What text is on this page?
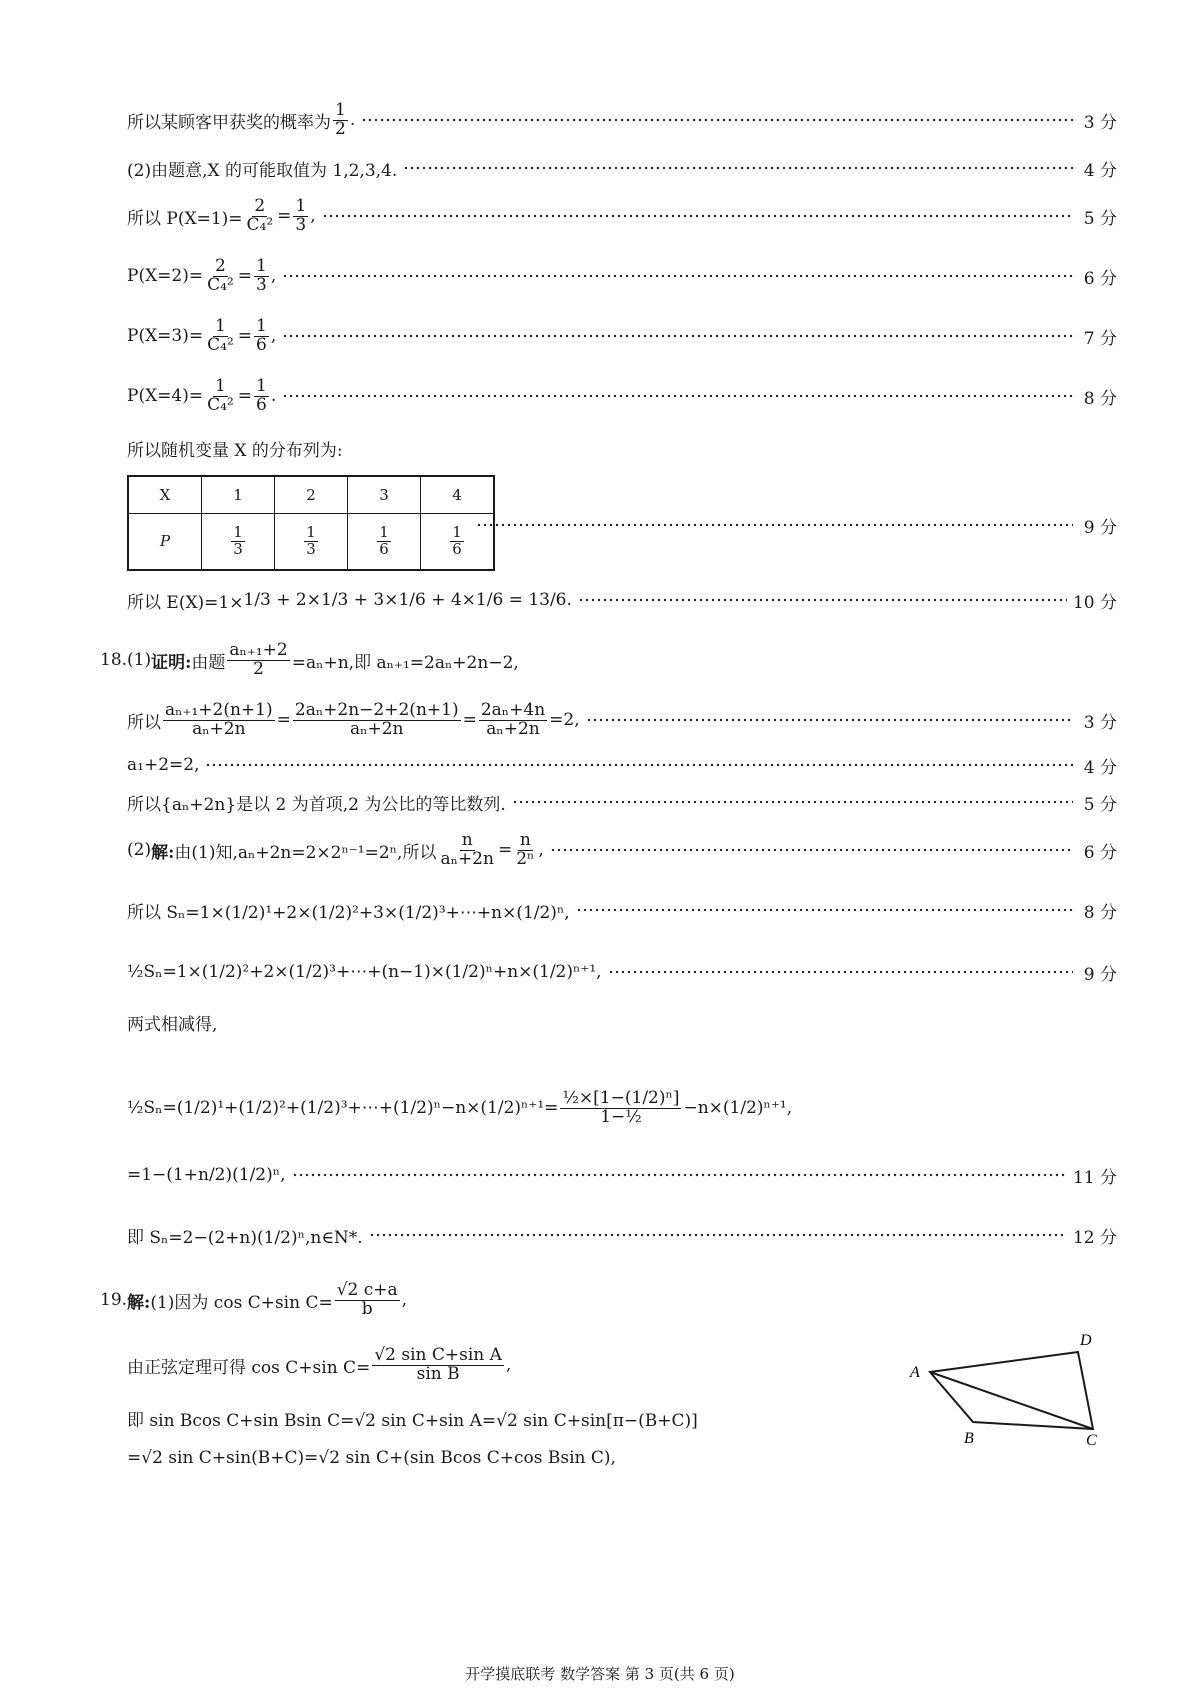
所以某顾客甲获奖的概率为 $\frac{1}{2}$ .	3 分
(2)由题意,X 的可能取值为 1,2,3,4.	4 分
所以 $P(X=1)= \frac{2}{\text{C₄²}} = \frac{1}{3}$ ,	5 分
$P(X=2)= \frac{2}{\text{C₄²}} = \frac{1}{3}$ ,	6 分
$P(X=3)= \frac{1}{\text{C₄²}} = \frac{1}{6}$ ,	7 分
$P(X=4)= \frac{1}{\text{C₄²}} = \frac{1}{6}$ .	8 分
所以随机变量 X 的分布列为:
X	1	2	3	4
P	$\frac{1}{3}$	$\frac{1}{3}$	$\frac{1}{6}$	$\frac{1}{6}$	9 分
所以 E(X)=1× 1/3 + 2×1/3 + 3×1/6 + 4×1/6 = 13/6.	10 分
18.(1) 证明: 由题 $\frac{\text{aₙ₊₁+2}}{2} =a_n+n$,即 aₙ₊₁=2aₙ+2n−2,
所以 $\frac{\text{aₙ₊₁+2(n+1)}}{\text{aₙ+2n}} = \frac{\text{2aₙ+2n−2+2(n+1)}}{\text{aₙ+2n}} = \frac{\text{2aₙ+4n}}{\text{aₙ+2n}} =2$,	3 分
a₁+2=2,	4 分
所以{aₙ+2n}是以 2 为首项,2 为公比的等比数列.	5 分
(2) 解: 由(1)知,aₙ+2n=2×2ⁿ⁻¹=2ⁿ,所以 $\frac{n}{\text{aₙ+2n}} = \frac{n}{\text{2ⁿ}}$ ,	6 分
所以 Sₙ=1×(1/2)¹+2×(1/2)²+3×(1/2)³+⋯+n×(1/2)ⁿ,	8 分
½Sₙ=1×(1/2)²+2×(1/2)³+⋯+(n−1)×(1/2)ⁿ+n×(1/2)ⁿ⁺¹,	9 分
两式相减得,
½Sₙ=(1/2)¹+(1/2)²+(1/2)³+⋯+(1/2)ⁿ−n×(1/2)ⁿ⁺¹= $\frac{\text{½×[1−(1/2)ⁿ]}}{\text{1−½}} -n\times(1/2)^{n+1}$,
=1−(1+n/2)(1/2)ⁿ,	11 分
即 Sₙ=2−(2+n)(1/2)ⁿ,n∈N*.	12 分
19. 解: (1)因为 cos C+sin $C= \frac{√2 c+a}{b}$ ,
由正弦定理可得 cos C+sin $C= \frac{\text{√2 sin C+sin A}}{\text{sin B}}$ ,
即 sin Bcos C+sin Bsin C=√2 sin C+sin A=√2 sin C+sin[π−(B+C)]
=√2 sin C+sin(B+C)=√2 sin C+(sin Bcos C+cos Bsin C),
A
D
B	C
开学摸底联考 数学答案 第 3 页(共 6 页)
